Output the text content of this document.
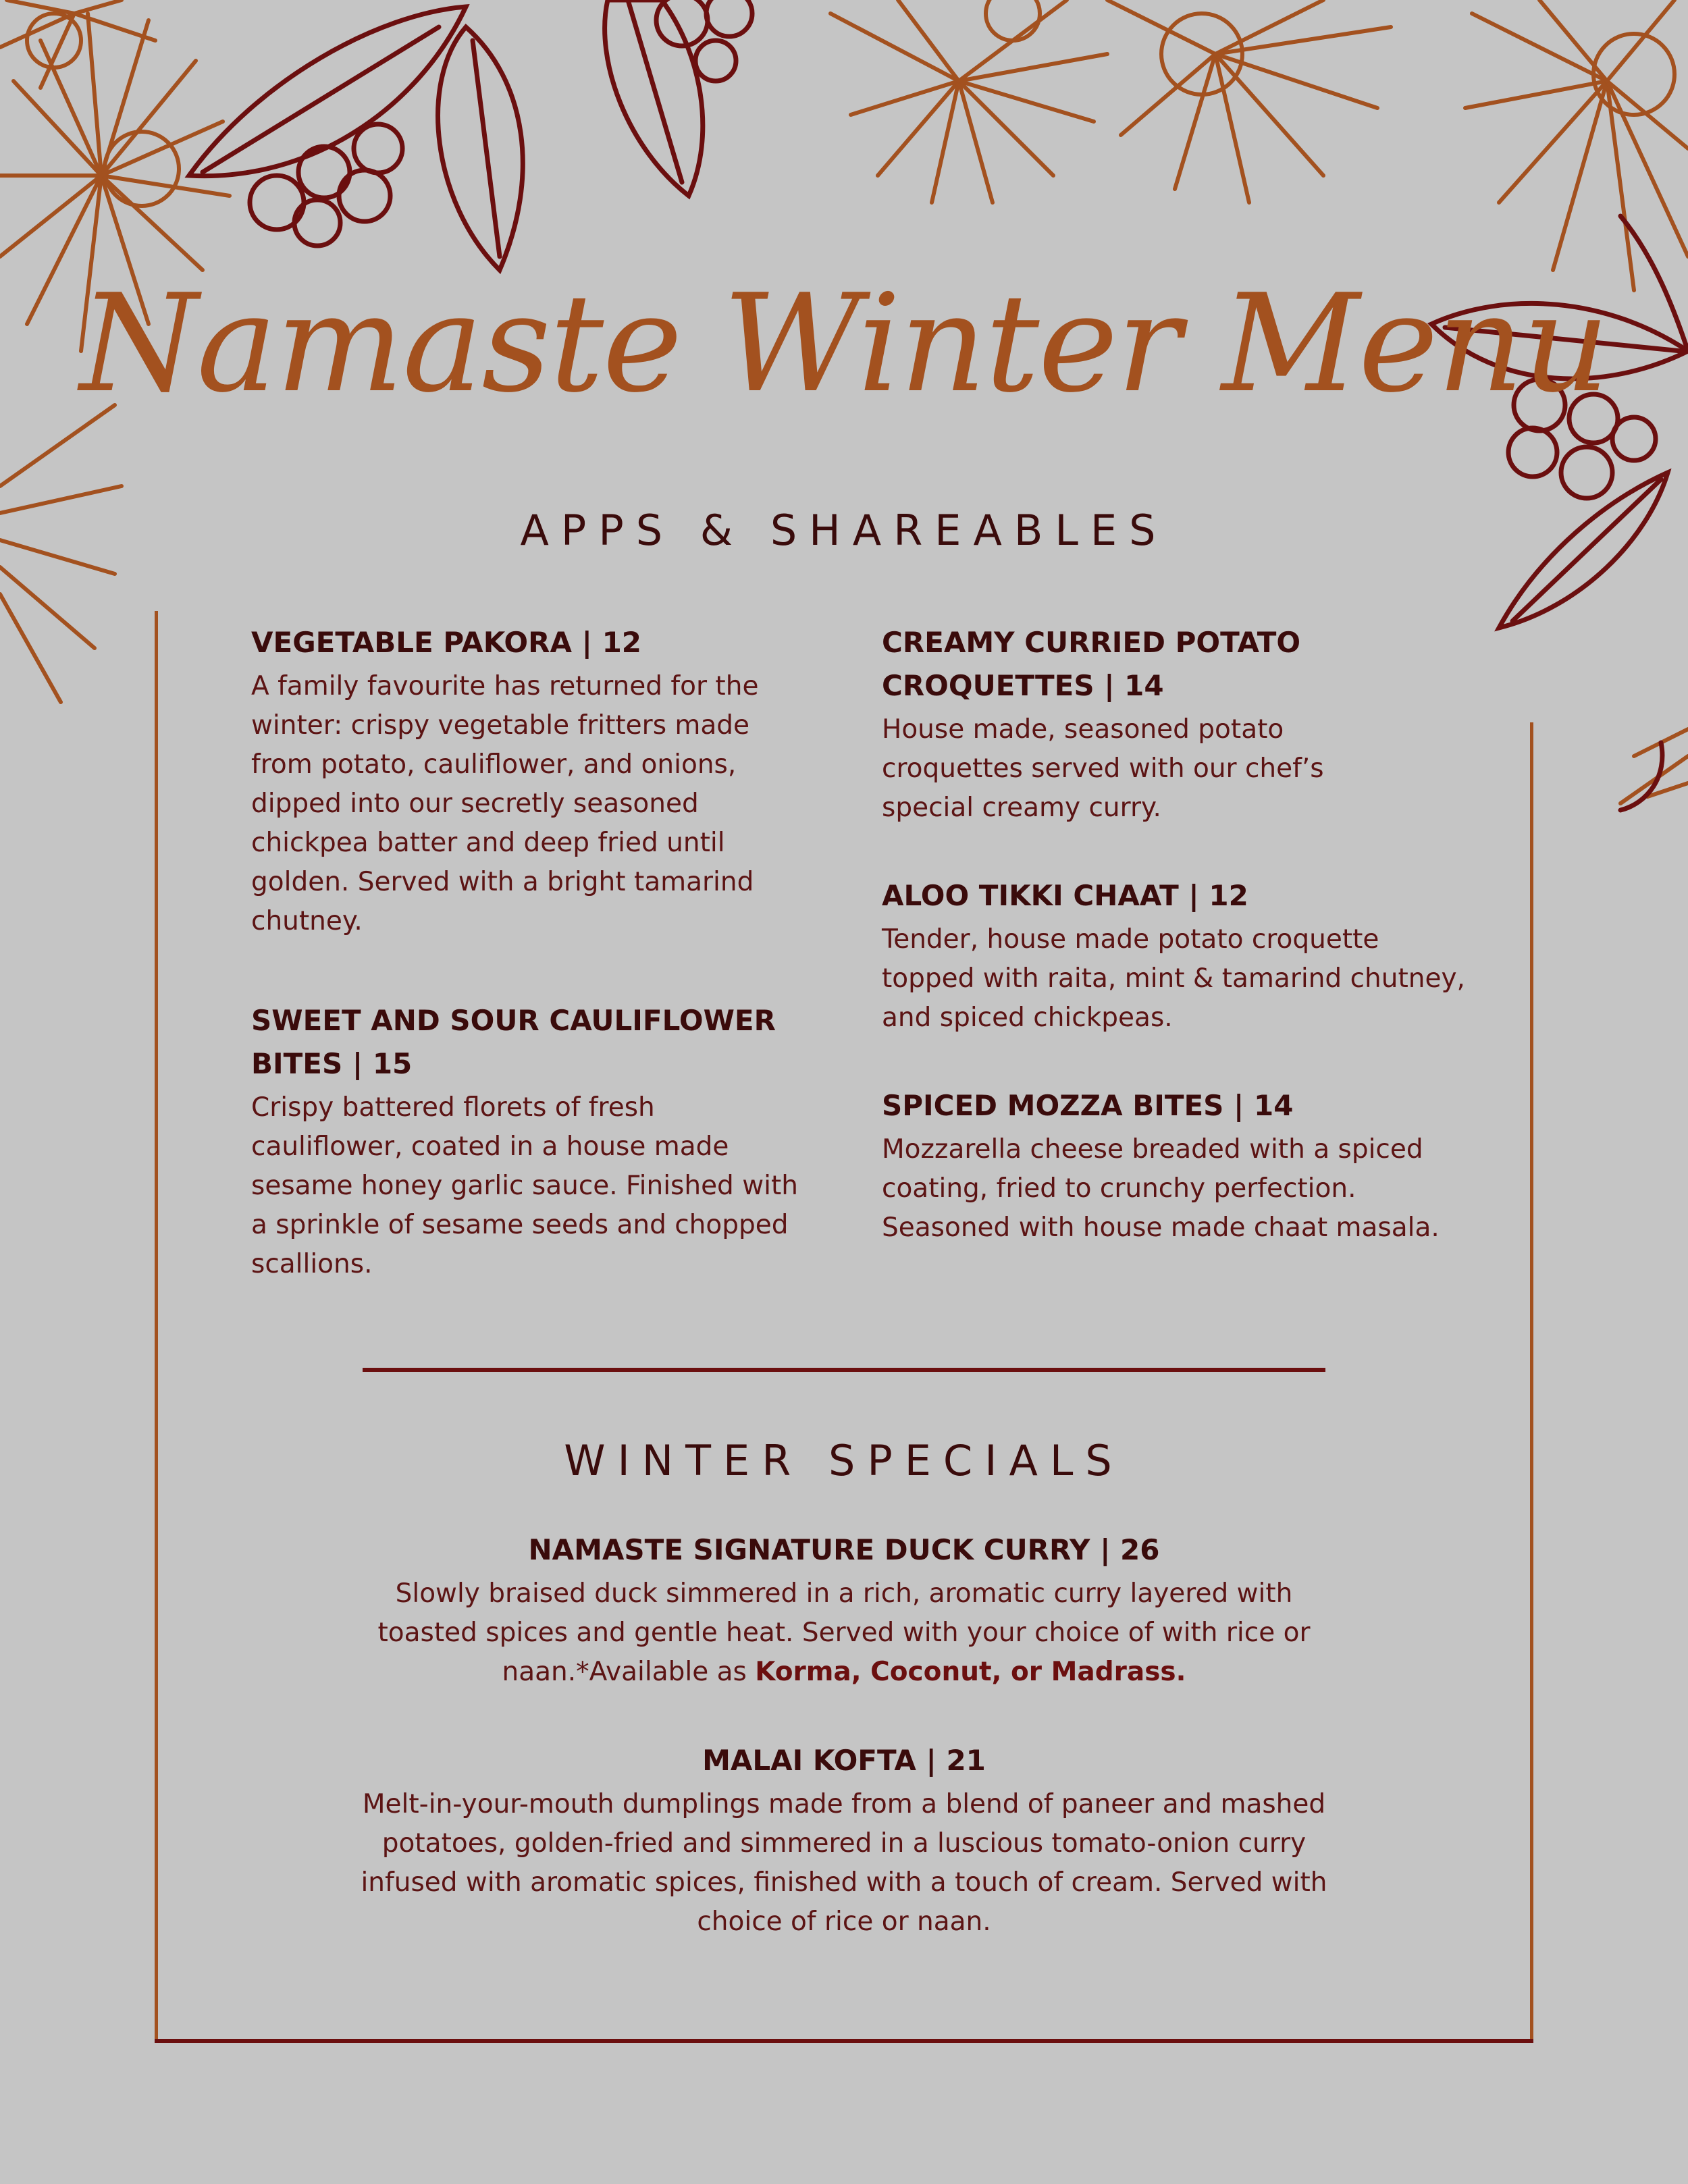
Namaste Winter Menu
APPS & SHAREABLES
VEGETABLE PAKORA | 12

A family favourite has returned for the winter: crispy vegetable fritters made from potato, cauliflower, and onions, dipped into our secretly seasoned chickpea batter and deep fried until golden. Served with a bright tamarind chutney.

SWEET AND SOUR CAULIFLOWER BITES | 15

Crispy battered florets of fresh cauliflower, coated in a house made sesame honey garlic sauce. Finished with a sprinkle of sesame seeds and chopped scallions.

CREAMY CURRIED POTATO CROQUETTES | 14

House made, seasoned potato croquettes served with our chef’s special creamy curry.

ALOO TIKKI CHAAT | 12

Tender, house made potato croquette topped with raita, mint & tamarind chutney, and spiced chickpeas.

SPICED MOZZA BITES | 14

Mozzarella cheese breaded with a spiced coating, fried to crunchy perfection. Seasoned with house made chaat masala.

WINTER SPECIALS
NAMASTE SIGNATURE DUCK CURRY | 26

Slowly braised duck simmered in a rich, aromatic curry layered with toasted spices and gentle heat. Served with your choice of with rice or naan.*Available as Korma, Coconut, or Madrass.

MALAI KOFTA | 21

Melt-in-your-mouth dumplings made from a blend of paneer and mashed potatoes, golden-fried and simmered in a luscious tomato-onion curry infused with aromatic spices, finished with a touch of cream. Served with choice of rice or naan.
